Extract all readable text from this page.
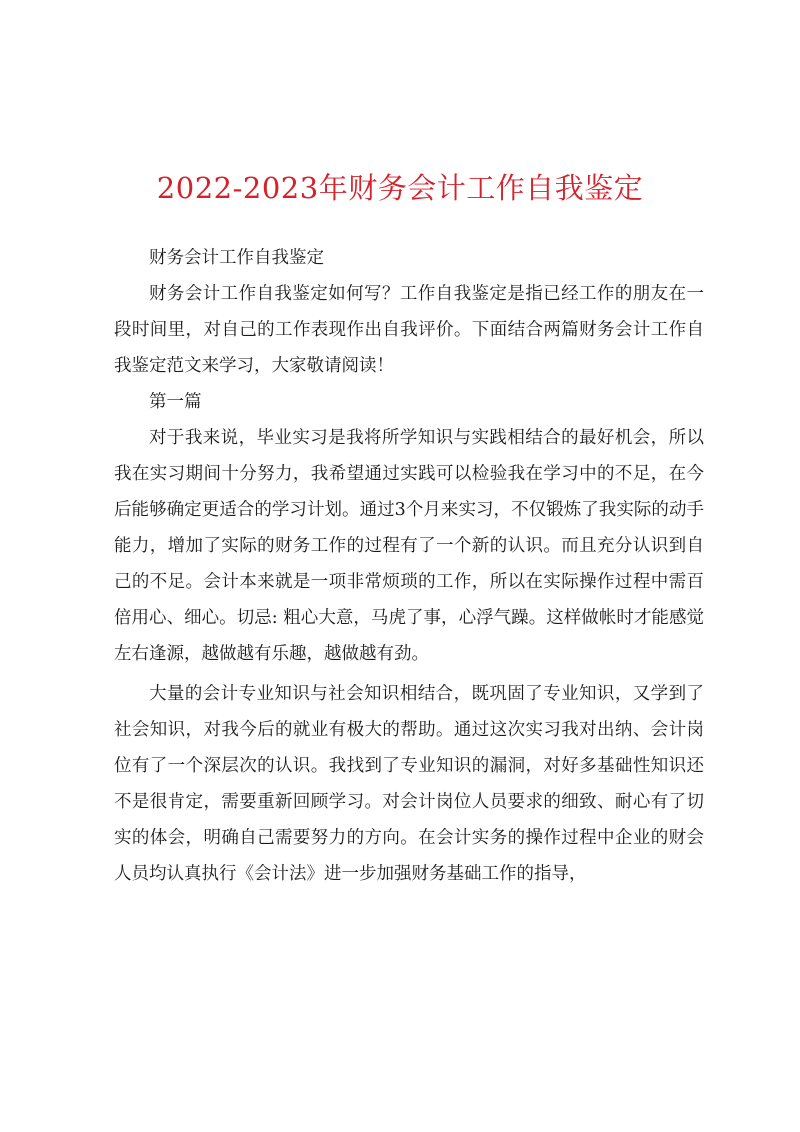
2022-2023年财务会计工作自我鉴定

财务会计工作自我鉴定

财务会计工作自我鉴定如何写？工作自我鉴定是指已经工作的朋友在一段时间里，对自己的工作表现作出自我评价。下面结合两篇财务会计工作自我鉴定范文来学习，大家敬请阅读！

第一篇

对于我来说，毕业实习是我将所学知识与实践相结合的最好机会，所以我在实习期间十分努力，我希望通过实践可以检验我在学习中的不足，在今后能够确定更适合的学习计划。通过3个月来实习，不仅锻炼了我实际的动手能力，增加了实际的财务工作的过程有了一个新的认识。而且充分认识到自己的不足。会计本来就是一项非常烦琐的工作，所以在实际操作过程中需百倍用心、细心。切忌: 粗心大意，马虎了事，心浮气躁。这样做帐时才能感觉左右逢源，越做越有乐趣，越做越有劲。

大量的会计专业知识与社会知识相结合，既巩固了专业知识，又学到了社会知识，对我今后的就业有极大的帮助。通过这次实习我对出纳、会计岗位有了一个深层次的认识。我找到了专业知识的漏洞，对好多基础性知识还不是很肯定，需要重新回顾学习。对会计岗位人员要求的细致、耐心有了切实的体会，明确自己需要努力的方向。在会计实务的操作过程中企业的财会人员均认真执行《会计法》进一步加强财务基础工作的指导，
